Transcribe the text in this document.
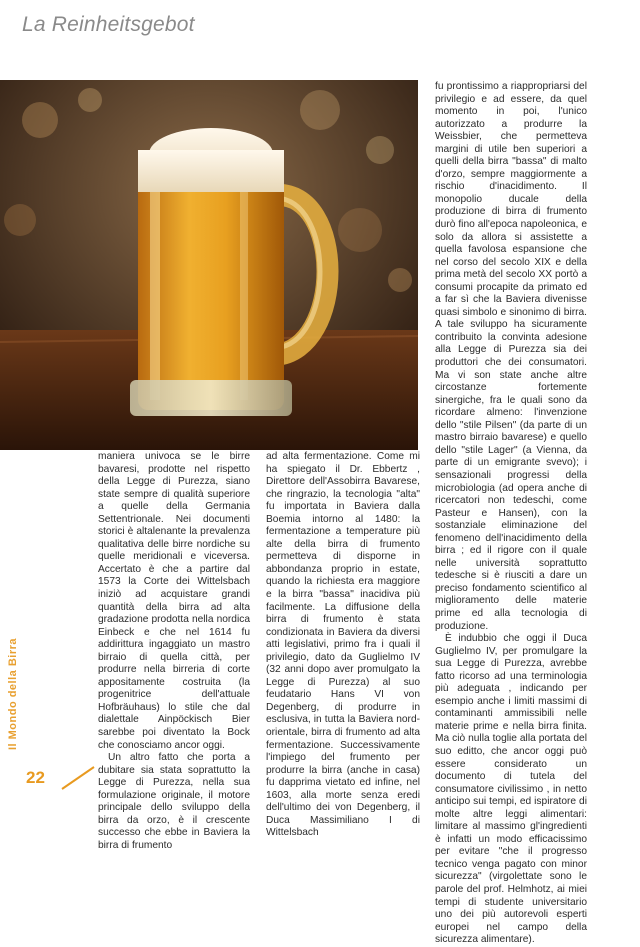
La Reinheitsgebot

maniera univoca se le birre bavaresi, prodotte nel rispetto della Legge di Purezza, siano state sempre di qualità superiore a quelle della Germania Settentrionale. Nei documenti storici è altalenante la prevalenza qualitativa delle birre nordiche su quelle meridionali e viceversa. Accertato è che a partire dal 1573 la Corte dei Wittelsbach iniziò ad acquistare grandi quantità della birra ad alta gradazione prodotta nella nordica Einbeck e che nel 1614 fu addirittura ingaggiato un mastro birraio di quella città, per produrre nella birreria di corte appositamente costruita (la progenitrice dell'attuale Hofbräuhaus) lo stile che dal dialettale Ainpöckisch Bier sarebbe poi diventato la Bock che conosciamo ancor oggi.

Un altro fatto che porta a dubitare sia stata soprattutto la Legge di Purezza, nella sua formulazione originale, il motore principale dello sviluppo della birra da orzo, è il crescente successo che ebbe in Baviera la birra di frumento

ad alta fermentazione. Come mi ha spiegato il Dr. Ebbertz , Direttore dell'Assobirra Bavarese, che ringrazio, la tecnologia "alta" fu importata in Baviera dalla Boemia intorno al 1480: la fermentazione a temperature più alte della birra di frumento permetteva di disporne in abbondanza proprio in estate, quando la richiesta era maggiore e la birra "bassa" inacidiva più facilmente. La diffusione della birra di frumento è stata condizionata in Baviera da diversi atti legislativi, primo fra i quali il privilegio, dato da Guglielmo IV (32 anni dopo aver promulgato la Legge di Purezza) al suo feudatario Hans VI von Degenberg, di produrre in esclusiva, in tutta la Baviera nord-orientale, birra di frumento ad alta fermentazione. Successivamente l'impiego del frumento per produrre la birra (anche in casa) fu dapprima vietato ed infine, nel 1603, alla morte senza eredi dell'ultimo dei von Degenberg, il Duca Massimiliano I di Wittelsbach

fu prontissimo a riappropriarsi del privilegio e ad essere, da quel momento in poi, l'unico autorizzato a produrre la Weissbier, che permetteva margini di utile ben superiori a quelli della birra "bassa" di malto d'orzo, sempre maggiormente a rischio d'inacidimento. Il monopolio ducale della produzione di birra di frumento durò fino all'epoca napoleonica, e solo da allora si assistette a quella favolosa espansione che nel corso del secolo XIX e della prima metà del secolo XX portò a consumi procapite da primato ed a far sì che la Baviera divenisse quasi simbolo e sinonimo di birra. A tale sviluppo ha sicuramente contribuito la convinta adesione alla Legge di Purezza sia dei produttori che dei consumatori. Ma vi son state anche altre circostanze fortemente sinergiche, fra le quali sono da ricordare almeno: l'invenzione dello "stile Pilsen" (da parte di un mastro birraio bavarese) e quello dello "stile Lager" (a Vienna, da parte di un emigrante svevo); i sensazionali progressi della microbiologia (ad opera anche di ricercatori non tedeschi, come Pasteur e Hansen), con la sostanziale eliminazione del fenomeno dell'inacidimento della birra ; ed il rigore con il quale nelle università soprattutto tedesche si è riusciti a dare un preciso fondamento scientifico al miglioramento delle materie prime ed alla tecnologia di produzione.

È indubbio che oggi il Duca Guglielmo IV, per promulgare la sua Legge di Purezza, avrebbe fatto ricorso ad una terminologia più adeguata , indicando per esempio anche i limiti massimi di contaminanti ammissibili nelle materie prime e nella birra finita. Ma ciò nulla toglie alla portata del suo editto, che ancor oggi può essere considerato un documento di tutela del consumatore civilissimo , in netto anticipo sui tempi, ed ispiratore di molte altre leggi alimentari: limitare al massimo gl'ingredienti è infatti un modo efficacissimo per evitare "che il progresso tecnico venga pagato con minor sicurezza" (virgolettate sono le parole del prof. Helmhotz, ai miei tempi di studente universitario uno dei più autorevoli esperti europei nel campo della sicurezza alimentare).

Il Mondo della Birra
22
